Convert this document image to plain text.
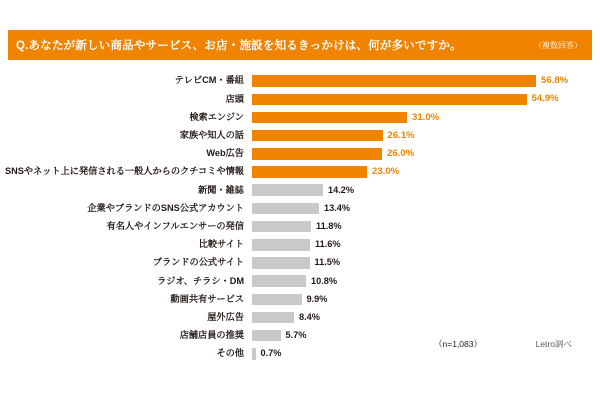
Q.あなたが新しい商品やサービス、お店・施設を知るきっかけは、何が多いですか。	（複数回答）
テレビCM・番組	56.8%
店頭	54.9%
検索エンジン	31.0%
家族や知人の話	26.1%
Web広告	26.0%
SNSやネット上に発信される一般人からのクチコミや情報	23.0%
新聞・雑誌	14.2%
企業やブランドのSNS公式アカウント	13.4%
有名人やインフルエンサーの発信	11.8%
比較サイト	11.6%
ブランドの公式サイト	11.5%
ラジオ、チラシ・DM	10.8%
動画共有サービス	9.9%
屋外広告	8.4%
店舗店員の推奨	5.7%
その他	0.7%
（n=1,083）	Letro調べ
